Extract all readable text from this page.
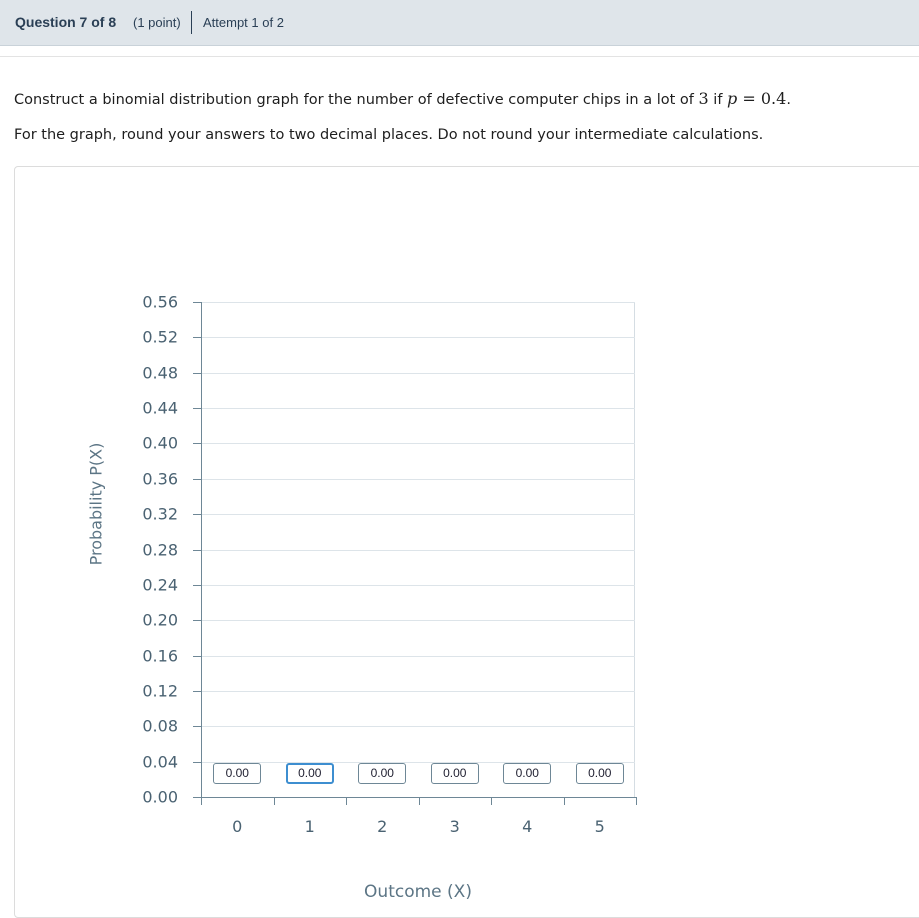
Question 7 of 8 (1 point) Attempt 1 of 2
Construct a binomial distribution graph for the number of defective computer chips in a lot of 3 if p = 0.4.
For the graph, round your answers to two decimal places. Do not round your intermediate calculations.
0.00
0.04
0.08
0.12
0.16
0.20
0.24
0.28
0.32
0.36
0.40
0.44
0.48
0.52
0.56
0
0.00
1
0.00
2
0.00
3
0.00
4
0.00
5
0.00
Probability P(X)
Outcome (X)
